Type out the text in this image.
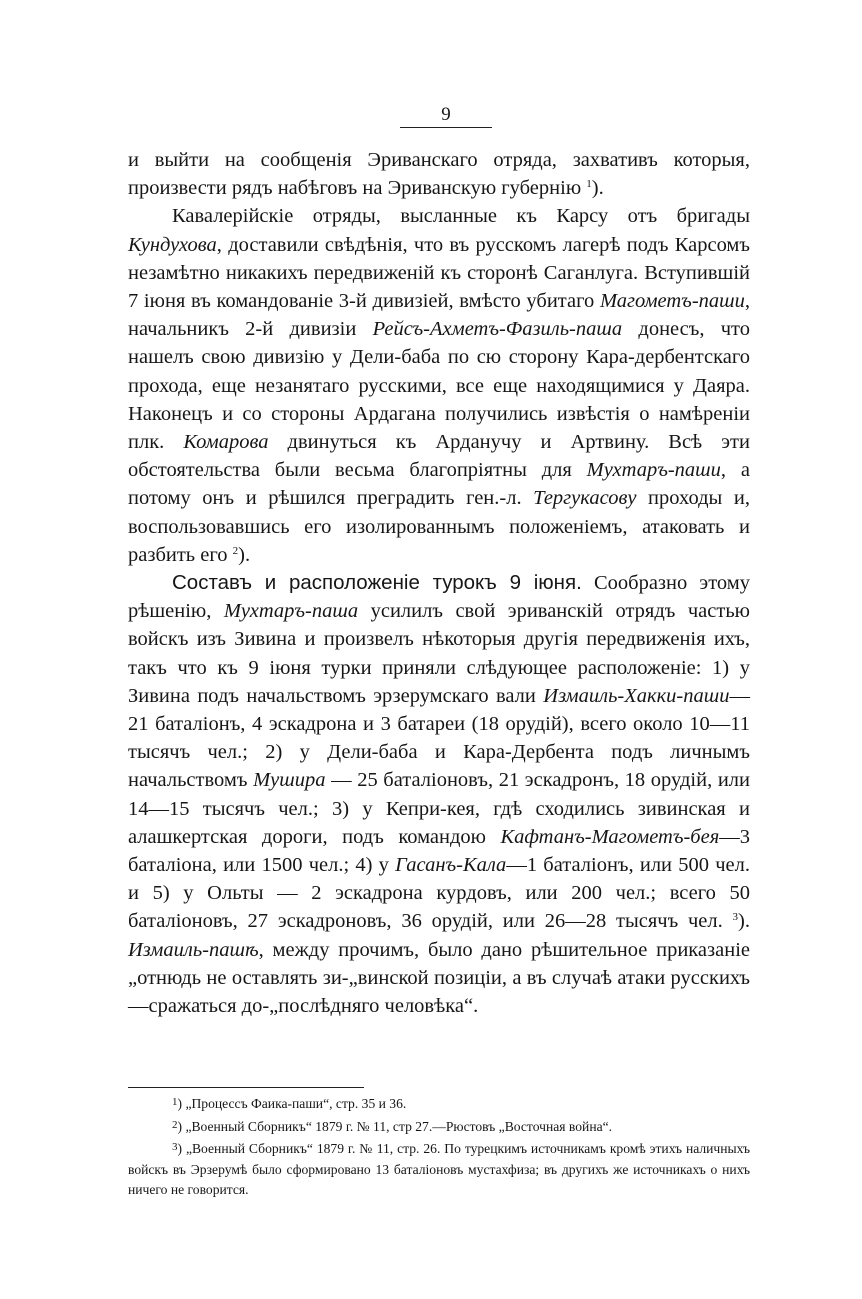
9

и выйти на сообщенія Эриванскаго отряда, захвативъ которыя, произвести рядъ набѣговъ на Эриванскую губернію $^1$).

Кавалерійскіе отряды, высланные къ Карсу отъ бригады Кундухова, доставили свѣдѣнія, что въ русскомъ лагерѣ подъ Карсомъ незамѣтно никакихъ передвиженій къ сторонѣ Саганлуга. Вступившій 7 іюня въ командованіе 3-й дивизіей, вмѣсто убитаго Магометъ-паши, начальникъ 2-й дивизіи Рейсъ-Ахметъ-Фазиль-паша донесъ, что нашелъ свою дивизію у Дели-баба по сю сторону Кара-дербентскаго прохода, еще незанятаго русскими, все еще находящимися у Даяра. Наконецъ и со стороны Ардагана получились извѣстія о намѣреніи плк. Комарова двинуться къ Арданучу и Артвину. Всѣ эти обстоятельства были весьма благопріятны для Мухтаръ-паши, а потому онъ и рѣшился преградить ген.-л. Тергукасову проходы и, воспользовавшись его изолированнымъ положеніемъ, атаковать и разбить его $^2$).

Составъ и расположеніе турокъ 9 іюня. Сообразно этому рѣшенію, Мухтаръ-паша усилилъ свой эриванскій отрядъ частью войскъ изъ Зивина и произвелъ нѣкоторыя другія передвиженія ихъ, такъ что къ 9 іюня турки приняли слѣдующее расположеніе: 1) у Зивина подъ начальствомъ эрзерумскаго вали Измаиль-Хакки-паши—21 баталіонъ, 4 эскадрона и 3 батареи (18 орудій), всего около 10—11 тысячъ чел.; 2) у Дели-баба и Кара-Дербента подъ личнымъ начальствомъ Мушира — 25 баталіоновъ, 21 эскадронъ, 18 орудій, или 14—15 тысячъ чел.; 3) у Кепри-кея, гдѣ сходились зивинская и алашкертская дороги, подъ командою Кафтанъ-Магометъ-бея—3 баталіона, или 1500 чел.; 4) у Гасанъ-Кала—1 баталіонъ, или 500 чел. и 5) у Ольты — 2 эскадрона курдовъ, или 200 чел.; всего 50 баталіоновъ, 27 эскадроновъ, 36 орудій, или 26—28 тысячъ чел. $^3$). Измаиль-пашѣ, между прочимъ, было дано рѣшительное приказаніе „отнюдь не оставлять зи-„винской позиціи, а въ случаѣ атаки русскихъ—сражаться до-„послѣдняго человѣка“.

$^1$) „Процессъ Фаика-паши“, стр. 35 и 36.

$^2$) „Военный Сборникъ“ 1879 г. № 11, стр 27.—Рюстовъ „Восточная война“.

$^3$) „Военный Сборникъ“ 1879 г. № 11, стр. 26. По турецкимъ источникамъ кромѣ этихъ наличныхъ войскъ въ Эрзерумѣ было сформировано 13 баталіоновъ мустахфиза; въ другихъ же источникахъ о нихъ ничего не говорится.
